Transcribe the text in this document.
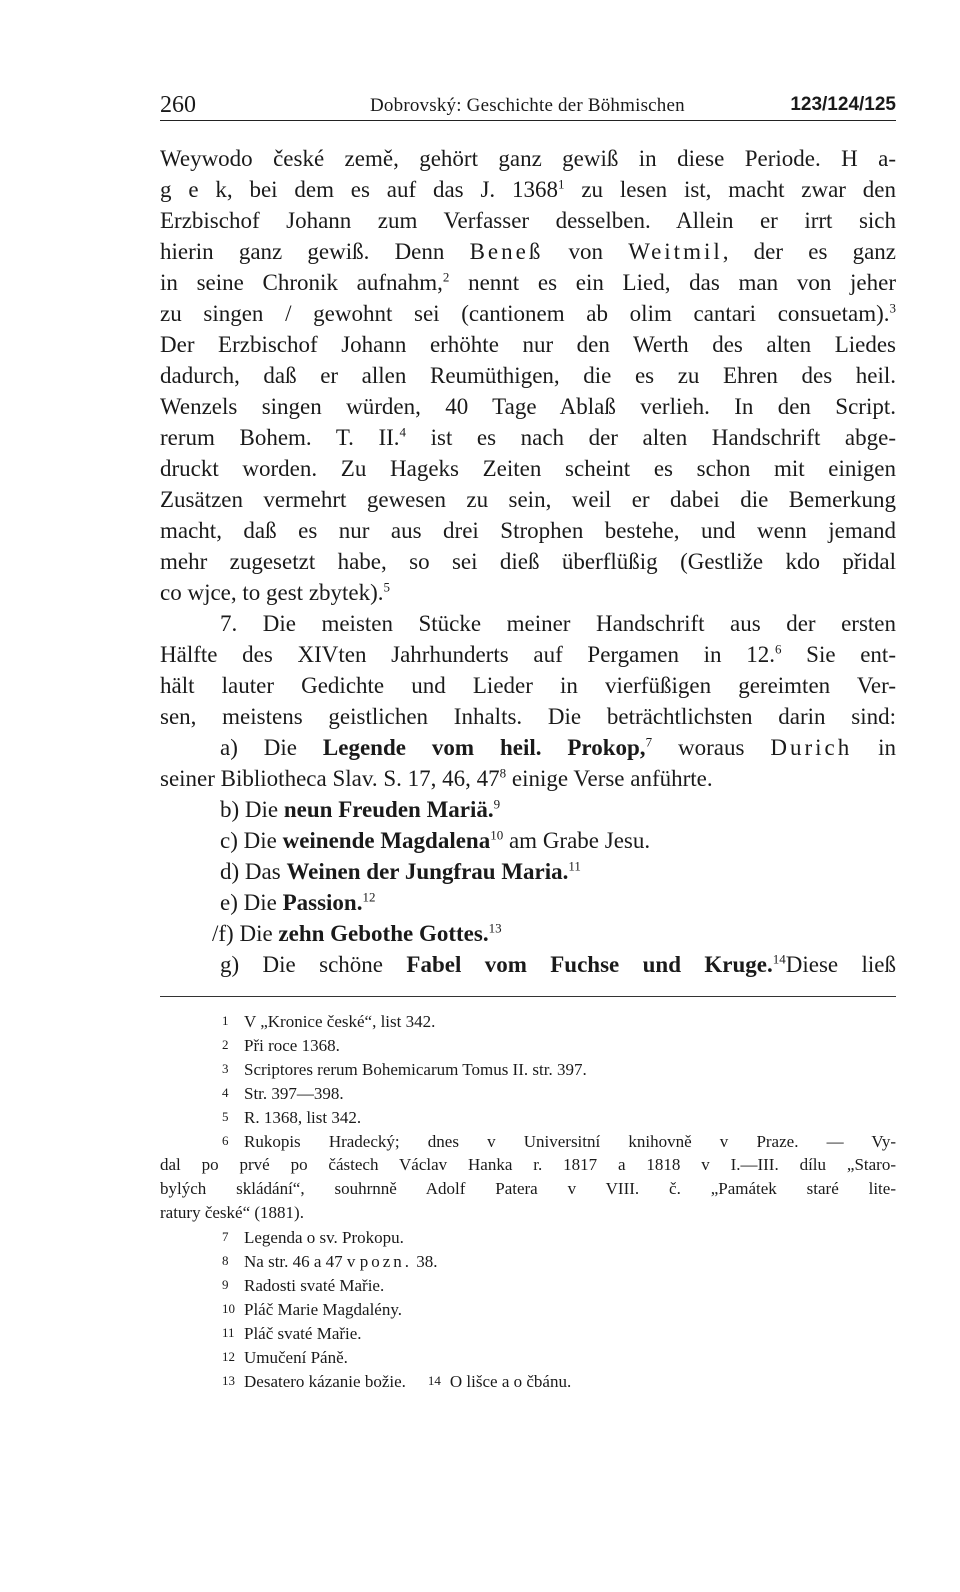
260	Dobrovský: Geschichte der Böhmischen	123/124/125
Weywodo české země, gehört ganz gewiß in diese Periode. H a-
g e k, bei dem es auf das J. 1368$^1$ zu lesen ist, macht zwar den
Erzbischof Johann zum Verfasser desselben. Allein er irrt sich
hierin ganz gewiß. Denn Beneß von Weitmil, der es ganz
in seine Chronik aufnahm,$^2$ nennt es ein Lied, das man von jeher
zu singen / gewohnt sei (cantionem ab olim cantari consuetam).$^3$
Der Erzbischof Johann erhöhte nur den Werth des alten Liedes
dadurch, daß er allen Reumüthigen, die es zu Ehren des heil.
Wenzels singen würden, 40 Tage Ablaß verlieh. In den Script.
rerum Bohem. T. II.$^4$ ist es nach der alten Handschrift abge-
druckt worden. Zu Hageks Zeiten scheint es schon mit einigen
Zusätzen vermehrt gewesen zu sein, weil er dabei die Bemerkung
macht, daß es nur aus drei Strophen bestehe, und wenn jemand
mehr zugesetzt habe, so sei dieß überflüßig (Gestliže kdo přidal
co wjce, to gest zbytek).$^5$
7. Die meisten Stücke meiner Handschrift aus der ersten
Hälfte des XIVten Jahrhunderts auf Pergamen in 12.$^6$ Sie ent-
hält lauter Gedichte und Lieder in vierfüßigen gereimten Ver-
sen, meistens geistlichen Inhalts. Die beträchtlichsten darin sind:
a) Die Legende vom heil. Prokop,$^7$ woraus Durich in
seiner Bibliotheca Slav. S. 17, 46, $47^8$ einige Verse anführte.
b) Die neun Freuden Mariä.$^9$
c) Die weinende Magdalena$^{10}$ am Grabe Jesu.
d) Das Weinen der Jungfrau Maria.$^{11}$
e) Die Passion.$^{12}$
/f) Die zehn Gebothe Gottes.$^{13}$
g) Die schöne Fabel vom Fuchse und Kruge.$^{14}$Diese ließ
1 V „Kronice české“, list 342.
2 Při roce 1368.
3 Scriptores rerum Bohemicarum Tomus II. str. 397.
4 Str. 397—398.
5 R. 1368, list 342.
6 Rukopis Hradecký; dnes v Universitní knihovně v Praze. — Vy-
dal po prvé po částech Václav Hanka r. 1817 a 1818 v I.—III. dílu „Staro-
bylých skládání“, souhrnně Adolf Patera v VIII. č. „Památek staré lite-
ratury české“ (1881).
7 Legenda o sv. Prokopu.
8 Na str. 46 a 47 v pozn. 38.
9 Radosti svaté Mařie.
10 Pláč Marie Magdalény.
11 Pláč svaté Mařie.
12 Umučení Páně.
13 Desatero kázanie božie. 14 O lišce a o čbánu.
